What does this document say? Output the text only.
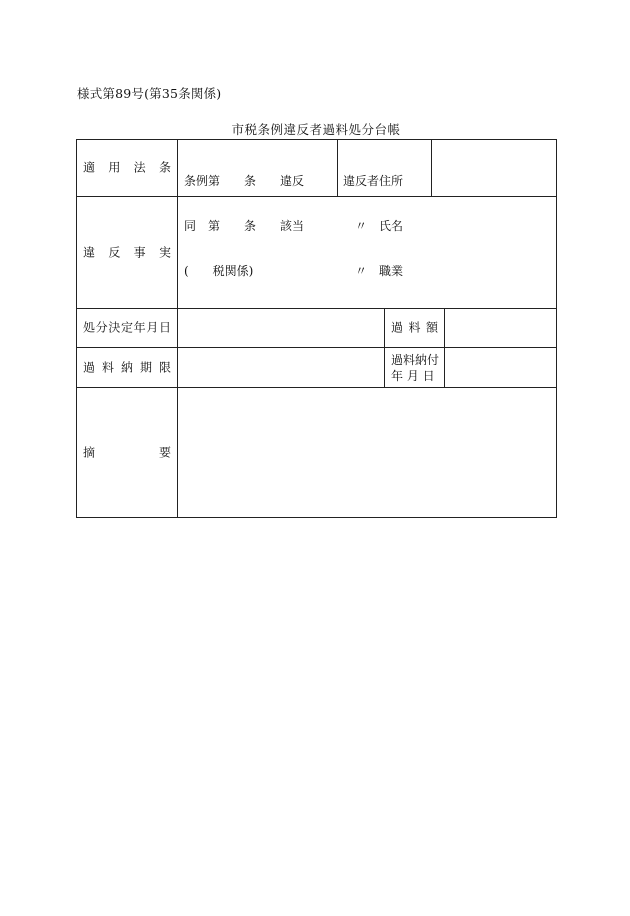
様式第89号(第35条関係)
市税条例違反者過料処分台帳
適 用 法 条

条例第　　条　　違反

同　第　　条　　該当

(　　税関係)

違反者住所

　〃　氏名

　〃　職業

違 反 事 実
処分決定年月日	過 料 額
過 料 納 期 限	過料納付
年 月 日
摘　　　　　要
